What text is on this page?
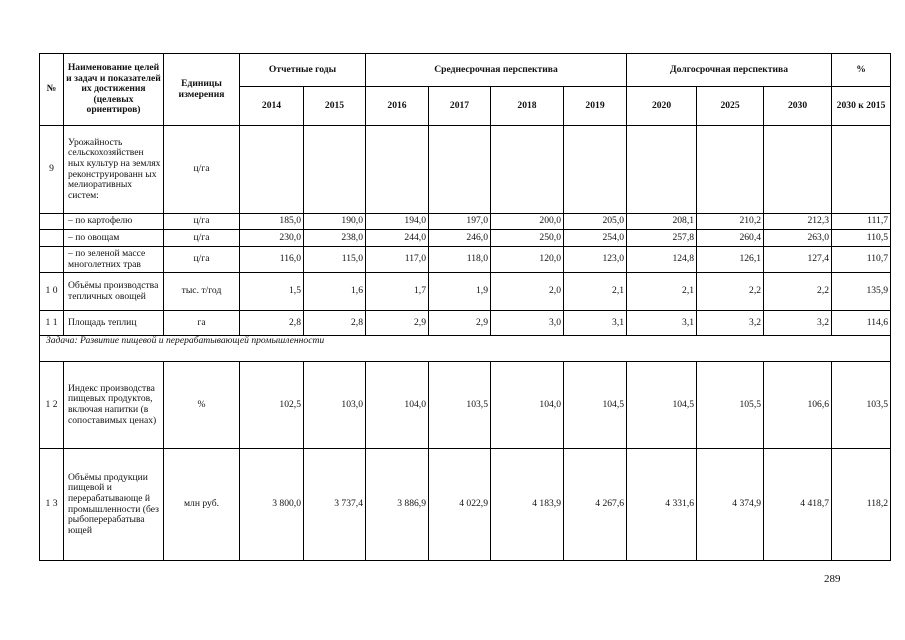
№	Наименование целей и задач и показателей их достижения (целевых ориентиров)	Единицы измерения	Отчетные годы		Среднесрочная перспектива				Долгосрочная перспектива			%
			2014	2015	2016	2017	2018	2019	2020	2025	2030	2030 к 2015
9	Урожайность сельскохозяйствен ных культур на землях реконструированн ых мелиоративных систем:	ц/га										
	– по картофелю	ц/га	185,0	190,0	194,0	197,0	200,0	205,0	208,1	210,2	212,3	111,7
	– по овощам	ц/га	230,0	238,0	244,0	246,0	250,0	254,0	257,8	260,4	263,0	110,5
	– по зеленой массе многолетних трав	ц/га	116,0	115,0	117,0	118,0	120,0	123,0	124,8	126,1	127,4	110,7
1 0	Объёмы производства тепличных овощей	тыс. т/год	1,5	1,6	1,7	1,9	2,0	2,1	2,1	2,2	2,2	135,9
1 1	Площадь теплиц	га	2,8	2,8	2,9	2,9	3,0	3,1	3,1	3,2	3,2	114,6
Задача: Развитие пищевой и перерабатывающей промышленности												
1 2	Индекс производства пищевых продуктов, включая напитки (в сопоставимых ценах)	%	102,5	103,0	104,0	103,5	104,0	104,5	104,5	105,5	106,6	103,5
1 3	Объёмы продукции пищевой и перерабатывающе й промышленности (без рыбоперерабатыва ющей	млн руб.	3 800,0	3 737,4	3 886,9	4 022,9	4 183,9	4 267,6	4 331,6	4 374,9	4 418,7	118,2
289
